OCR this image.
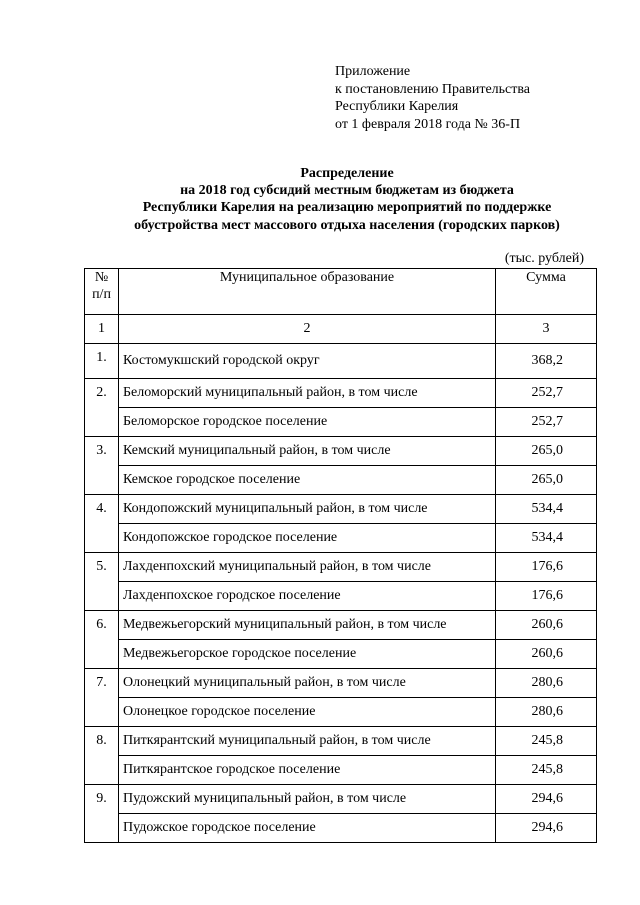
Приложение
к постановлению Правительства
Республики Карелия
от 1 февраля 2018 года № 36-П
Распределение
на 2018 год субсидий местным бюджетам из бюджета
Республики Карелия на реализацию мероприятий по поддержке
обустройства мест массового отдыха населения (городских парков)
(тыс. рублей)
№
п/п	Муниципальное образование	Сумма
1	2	3
1.	Костомукшский городской округ	368,2
2.	Беломорский муниципальный район, в том числе	252,7
	Беломорское городское поселение	252,7
3.	Кемский муниципальный район, в том числе	265,0
	Кемское городское поселение	265,0
4.	Кондопожский муниципальный район, в том числе	534,4
	Кондопожское городское поселение	534,4
5.	Лахденпохский муниципальный район, в том числе	176,6
	Лахденпохское городское поселение	176,6
6.	Медвежьегорский муниципальный район, в том числе	260,6
	Медвежьегорское городское поселение	260,6
7.	Олонецкий муниципальный район, в том числе	280,6
	Олонецкое городское поселение	280,6
8.	Питкярантский муниципальный район, в том числе	245,8
	Питкярантское городское поселение	245,8
9.	Пудожский муниципальный район, в том числе	294,6
	Пудожское городское поселение	294,6
